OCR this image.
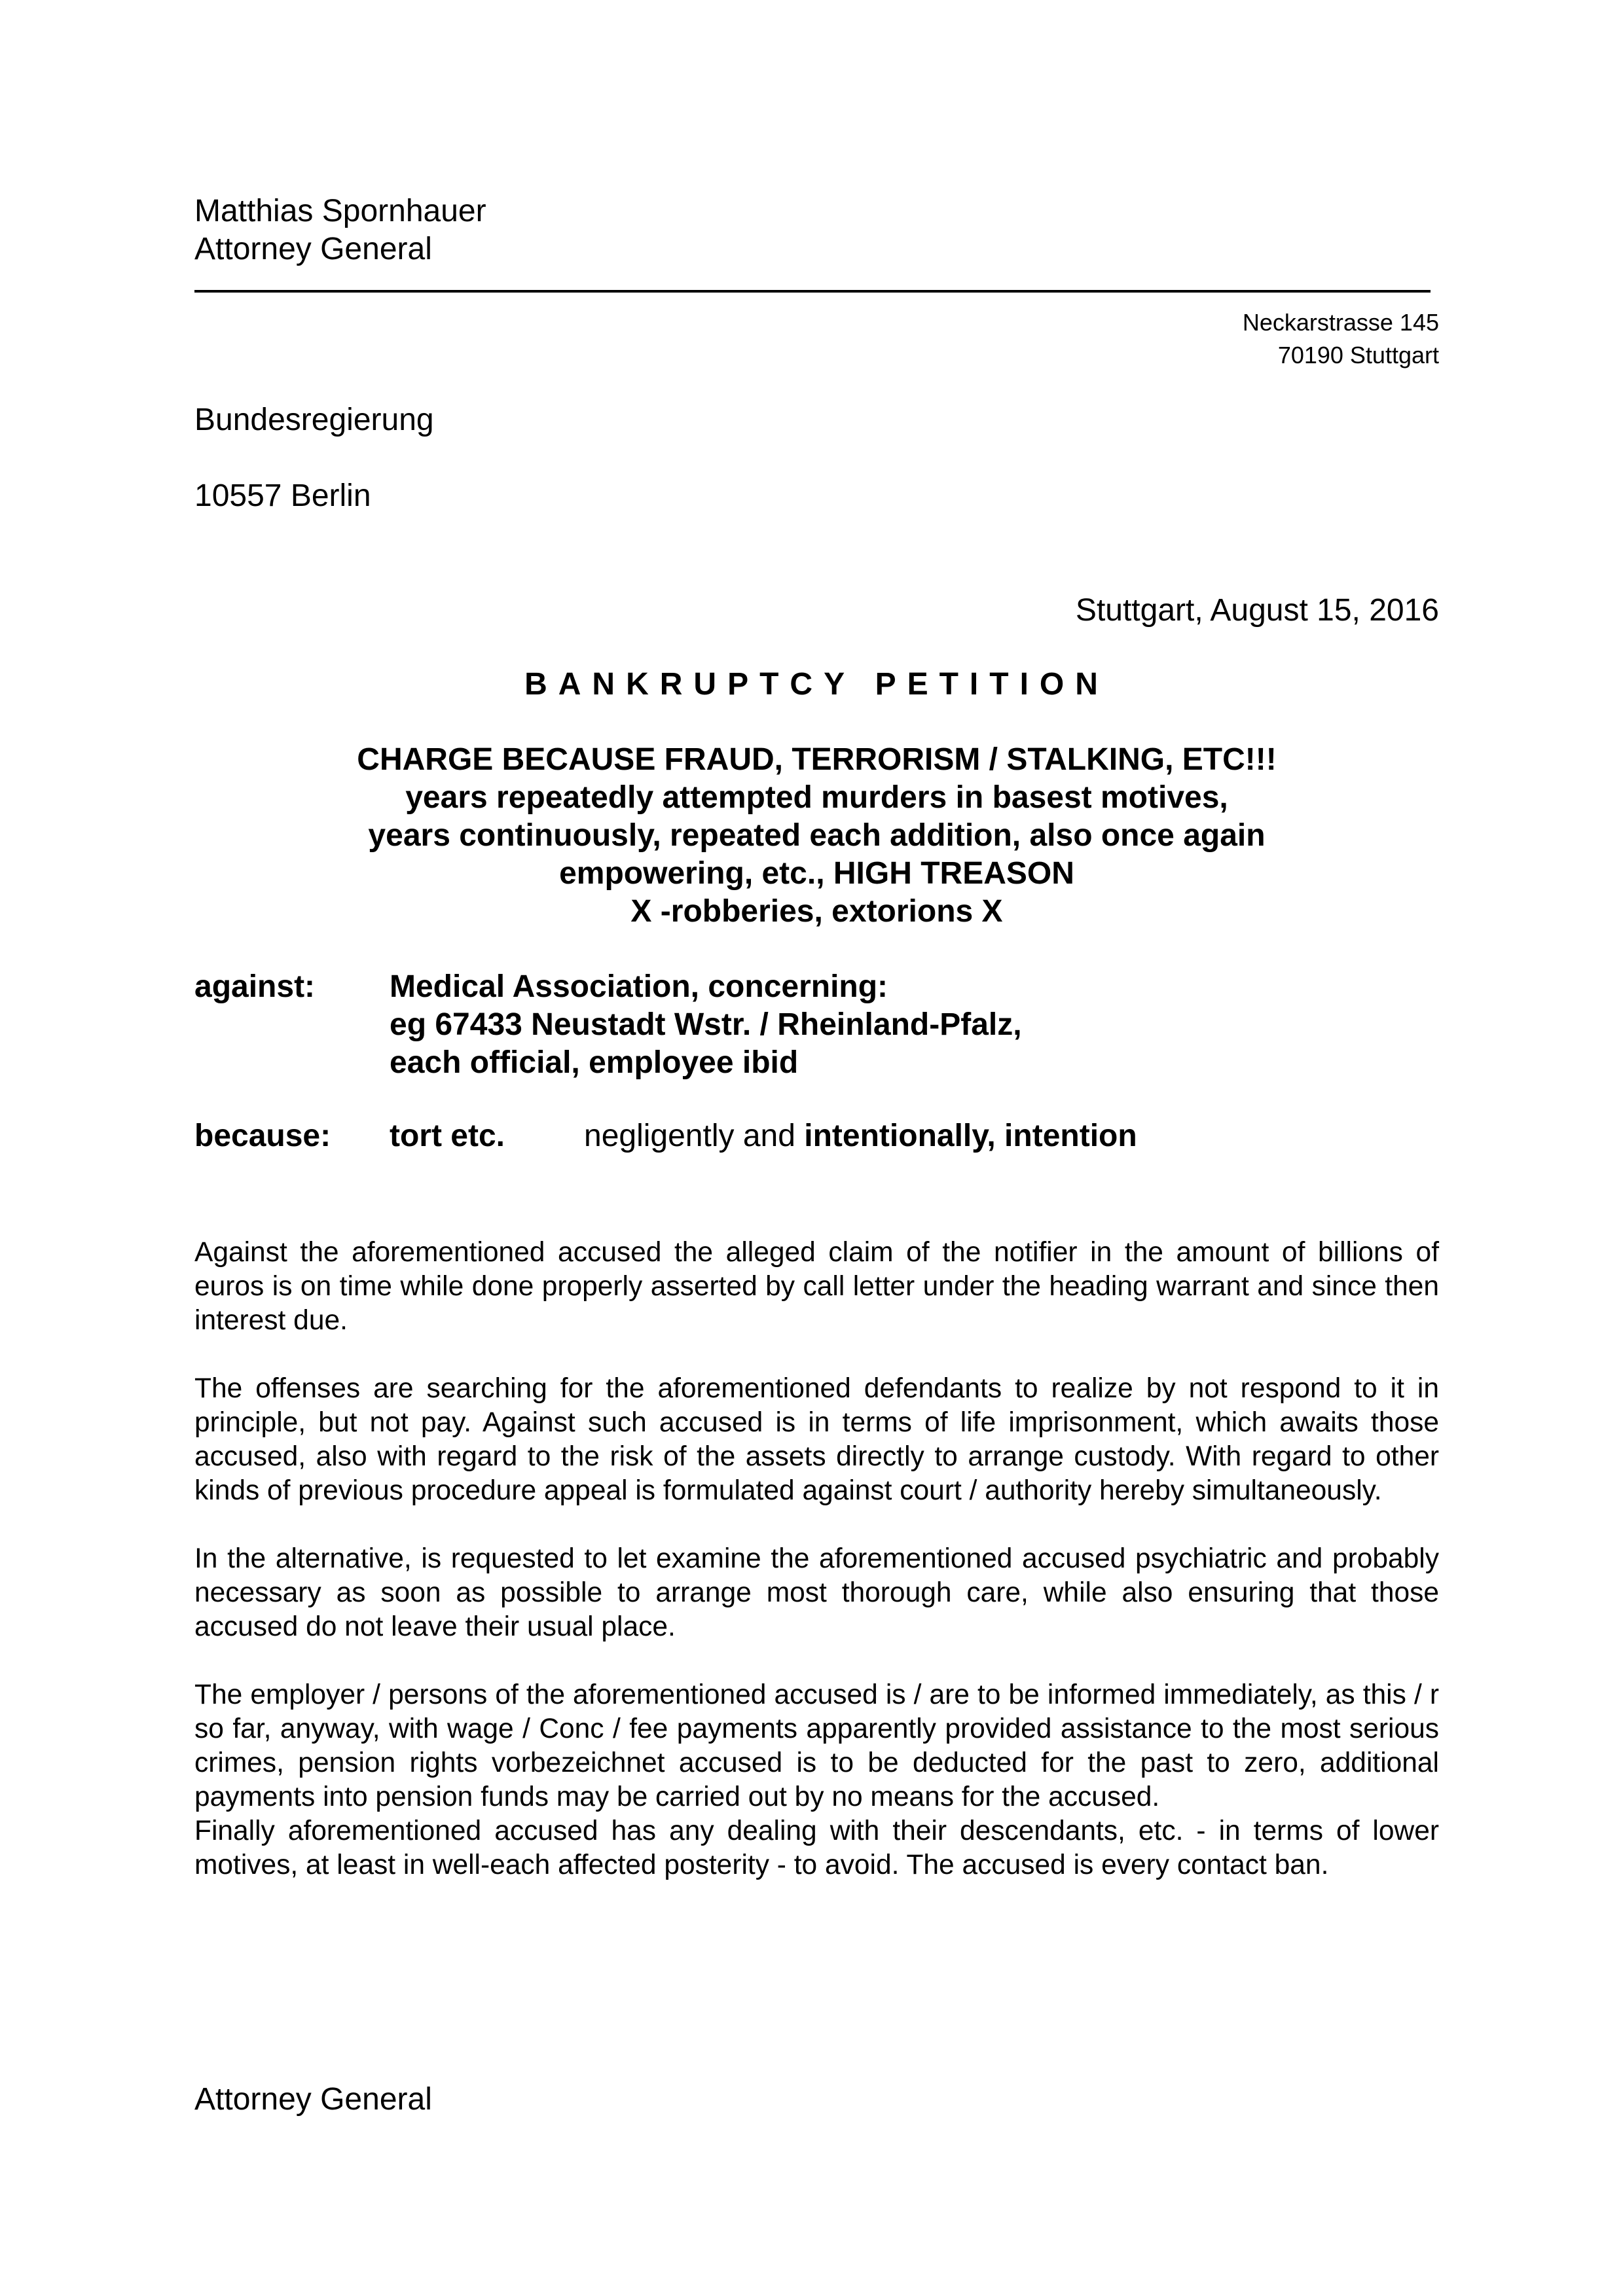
Matthias Spornhauer
Attorney General
Neckarstrasse 145
70190 Stuttgart
Bundesregierung
10557 Berlin
Stuttgart, August 15, 2016
BANKRUPTCY PETITION
CHARGE BECAUSE FRAUD, TERRORISM / STALKING, ETC!!!
years repeatedly attempted murders in basest motives,
years continuously, repeated each addition, also once again
empowering, etc., HIGH TREASON
X -robberies, extorions X
against: Medical Association, concerning:
eg 67433 Neustadt Wstr. / Rheinland-Pfalz,
each official, employee ibid
because: tort etc.	negligently and intentionally, intention

Against the aforementioned accused the alleged claim of the notifier in the amount of billions of euros is on time while done properly asserted by call letter under the heading warrant and since then interest due.

The offenses are searching for the aforementioned defendants to realize by not respond to it in principle, but not pay. Against such accused is in terms of life imprisonment, which awaits those accused, also with regard to the risk of the assets directly to arrange custody. With regard to other kinds of previous procedure appeal is formulated against court / authority hereby simultaneously.

In the alternative, is requested to let examine the aforementioned accused psychiatric and probably necessary as soon as possible to arrange most thorough care, while also ensuring that those accused do not leave their usual place.

The employer / persons of the aforementioned accused is / are to be informed immediately, as this / r so far, anyway, with wage / Conc / fee payments apparently provided assistance to the most serious crimes, pension rights vorbezeichnet accused is to be deducted for the past to zero, additional payments into pension funds may be carried out by no means for the accused.

Finally aforementioned accused has any dealing with their descendants, etc. - in terms of lower motives, at least in well-each affected posterity - to avoid. The accused is every contact ban.

Attorney General
